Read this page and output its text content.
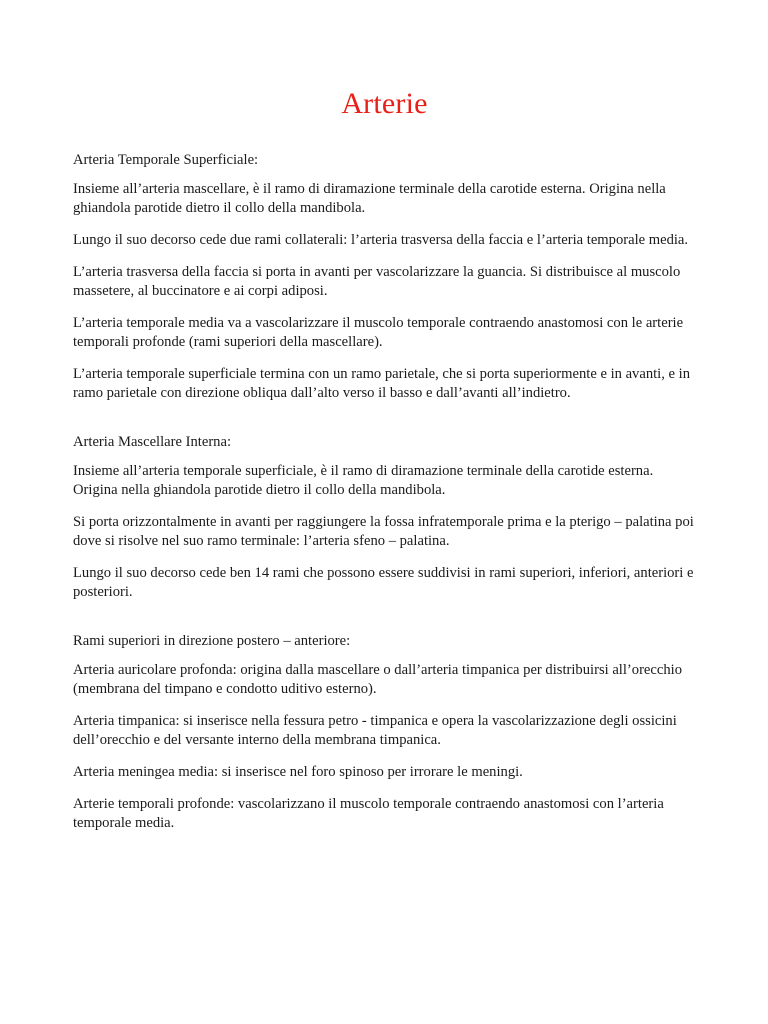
Arterie

Arteria Temporale Superficiale:

Insieme all’arteria mascellare, è il ramo di diramazione terminale della carotide esterna. Origina nella ghiandola parotide dietro il collo della mandibola.

Lungo il suo decorso cede due rami collaterali: l’arteria trasversa della faccia e l’arteria temporale media.

L’arteria trasversa della faccia si porta in avanti per vascolarizzare la guancia. Si distribuisce al muscolo massetere, al buccinatore e ai corpi adiposi.

L’arteria temporale media va a vascolarizzare il muscolo temporale contraendo anastomosi con le arterie temporali profonde (rami superiori della mascellare).

L’arteria temporale superficiale termina con un ramo parietale, che si porta superiormente e in avanti, e in ramo parietale con direzione obliqua dall’alto verso il basso e dall’avanti all’indietro.

Arteria Mascellare Interna:

Insieme all’arteria temporale superficiale, è il ramo di diramazione terminale della carotide esterna. Origina nella ghiandola parotide dietro il collo della mandibola.

Si porta orizzontalmente in avanti per raggiungere la fossa infratemporale prima e la pterigo – palatina poi dove si risolve nel suo ramo terminale: l’arteria sfeno – palatina.

Lungo il suo decorso cede ben 14 rami che possono essere suddivisi in rami superiori, inferiori, anteriori e posteriori.

Rami superiori in direzione postero – anteriore:

Arteria auricolare profonda: origina dalla mascellare o dall’arteria timpanica per distribuirsi all’orecchio (membrana del timpano e condotto uditivo esterno).

Arteria timpanica: si inserisce nella fessura petro - timpanica e opera la vascolarizzazione degli ossicini dell’orecchio e del versante interno della membrana timpanica.

Arteria meningea media: si inserisce nel foro spinoso per irrorare le meningi.

Arterie temporali profonde: vascolarizzano il muscolo temporale contraendo anastomosi con l’arteria temporale media.
